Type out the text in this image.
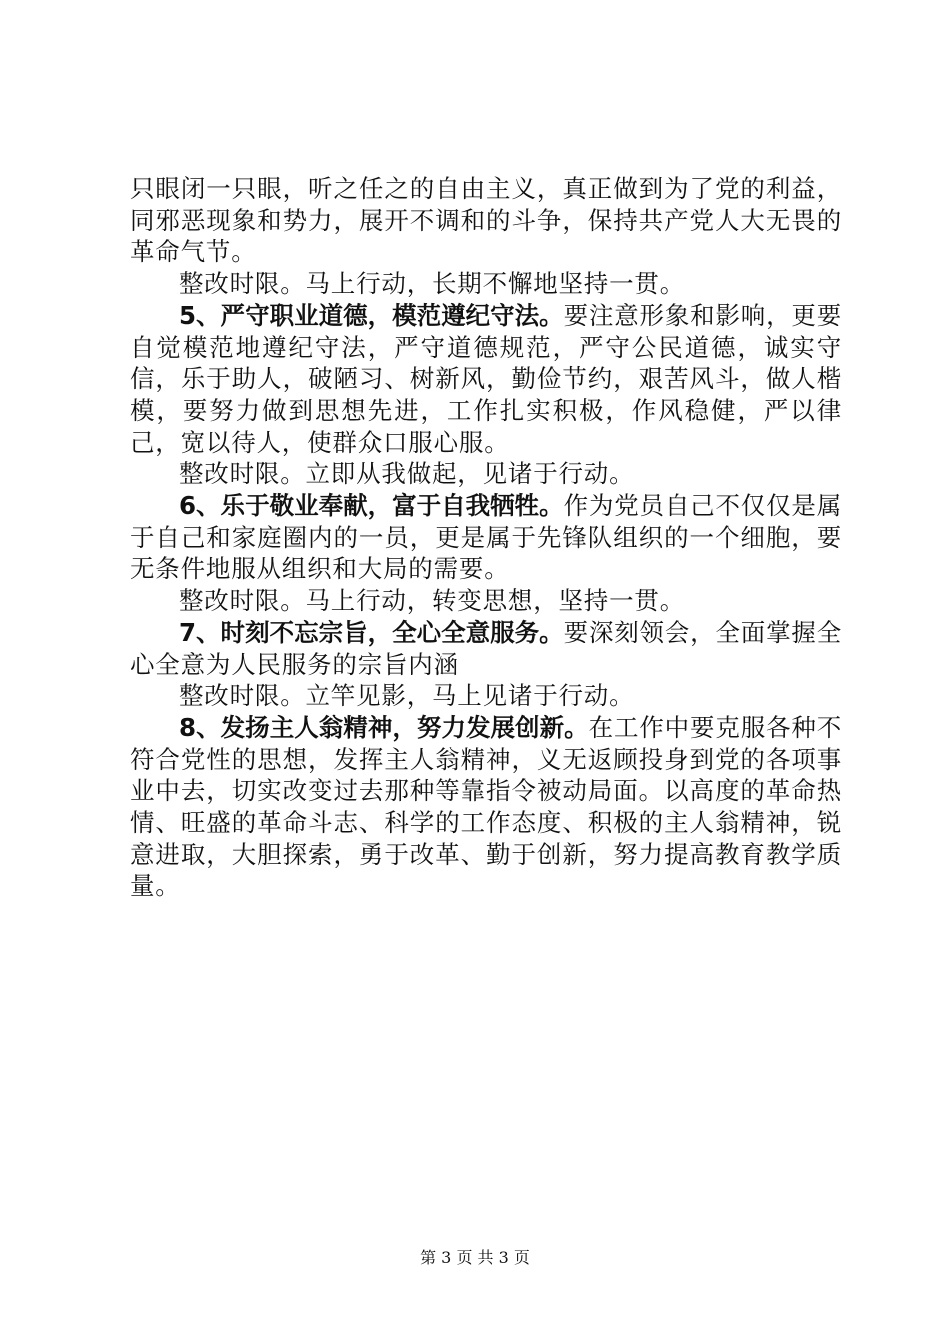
只眼闭一只眼，听之任之的自由主义，真正做到为了党的利益，同邪恶现象和势力，展开不调和的斗争，保持共产党人大无畏的革命气节。

整改时限。马上行动，长期不懈地坚持一贯。

5、严守职业道德，模范遵纪守法。要注意形象和影响，更要自觉模范地遵纪守法，严守道德规范，严守公民道德，诚实守信，乐于助人，破陋习、树新风，勤俭节约，艰苦风斗，做人楷模，要努力做到思想先进，工作扎实积极，作风稳健，严以律己，宽以待人，使群众口服心服。

整改时限。立即从我做起，见诸于行动。

6、乐于敬业奉献，富于自我牺牲。作为党员自己不仅仅是属于自己和家庭圈内的一员，更是属于先锋队组织的一个细胞，要无条件地服从组织和大局的需要。

整改时限。马上行动，转变思想，坚持一贯。

7、时刻不忘宗旨，全心全意服务。要深刻领会，全面掌握全心全意为人民服务的宗旨内涵

整改时限。立竿见影，马上见诸于行动。

8、发扬主人翁精神，努力发展创新。在工作中要克服各种不符合党性的思想，发挥主人翁精神，义无返顾投身到党的各项事业中去，切实改变过去那种等靠指令被动局面。以高度的革命热情、旺盛的革命斗志、科学的工作态度、积极的主人翁精神，锐意进取，大胆探索，勇于改革、勤于创新，努力提高教育教学质量。

第 3 页 共 3 页
